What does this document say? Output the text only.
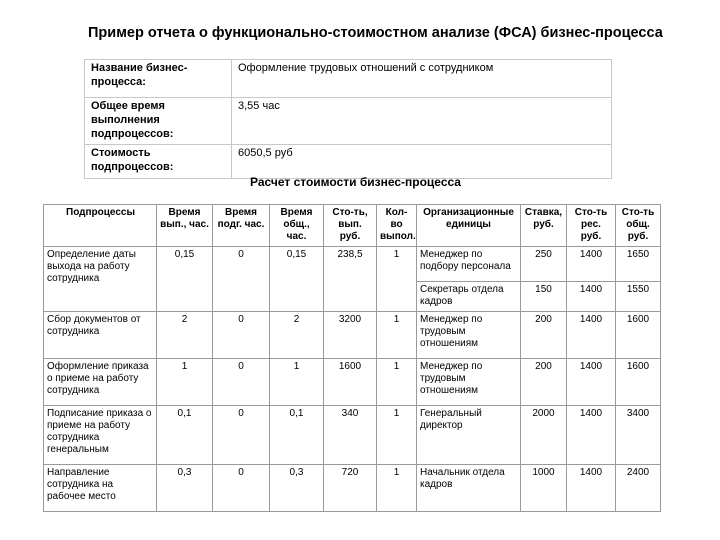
Пример отчета о функционально-стоимостном анализе (ФСА) бизнес-процесса
Название бизнес-процесса:	Оформление трудовых отношений с сотрудником
Общее время выполнения подпроцессов:	3,55 час
Стоимость подпроцессов:	6050,5 руб
Расчет стоимости бизнес-процесса
Подпроцессы	Время вып., час.	Время подг. час.	Время общ., час.	Сто-ть, вып. руб.	Кол-во выпол.	Организационные единицы	Ставка, руб.	Сто-ть рес. руб.	Сто-ть общ. руб.
Определение даты выхода на работу сотрудника	0,15	0	0,15	238,5	1	Менеджер по подбору персонала	250	1400	1650
						Секретарь отдела кадров	150	1400	1550
Сбор документов от сотрудника	2	0	2	3200	1	Менеджер по трудовым отношениям	200	1400	1600
Оформление приказа о приеме на работу сотрудника	1	0	1	1600	1	Менеджер по трудовым отношениям	200	1400	1600
Подписание приказа о приеме на работу сотрудника генеральным	0,1	0	0,1	340	1	Генеральный директор	2000	1400	3400
Направление сотрудника на рабочее место	0,3	0	0,3	720	1	Начальник отдела кадров	1000	1400	2400
